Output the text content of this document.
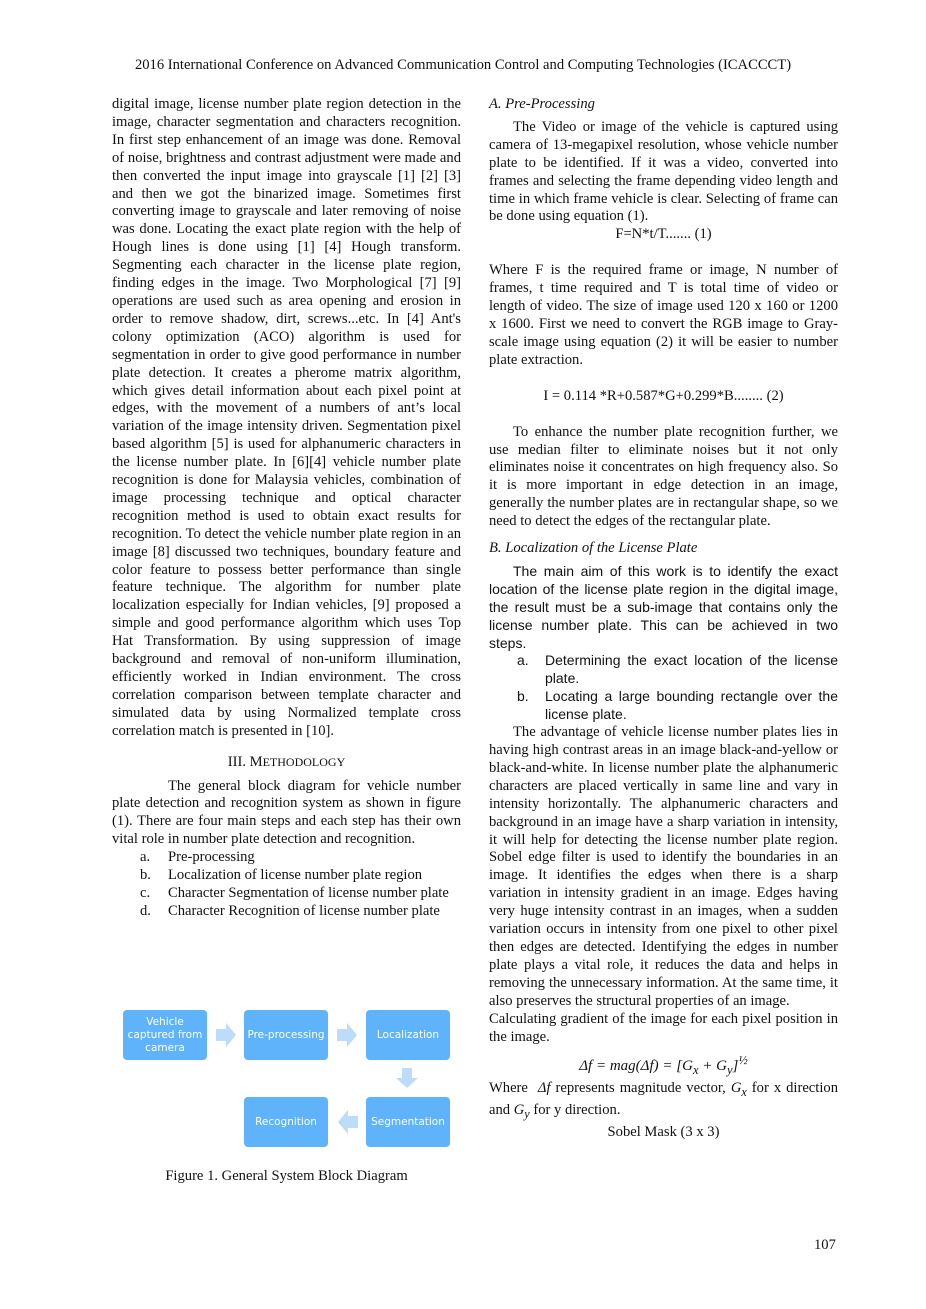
2016 International Conference on Advanced Communication Control and Computing Technologies (ICACCCT)

digital image, license number plate region detection in the image, character segmentation and characters recognition. In first step enhancement of an image was done. Removal of noise, brightness and contrast adjustment were made and then converted the input image into grayscale [1] [2] [3] and then we got the binarized image. Sometimes first converting image to grayscale and later removing of noise was done. Locating the exact plate region with the help of Hough lines is done using [1] [4] Hough transform. Segmenting each character in the license plate region, finding edges in the image. Two Morphological [7] [9] operations are used such as area opening and erosion in order to remove shadow, dirt, screws...etc. In [4] Ant's colony optimization (ACO) algorithm is used for segmentation in order to give good performance in number plate detection. It creates a pherome matrix algorithm, which gives detail information about each pixel point at edges, with the movement of a numbers of ant’s local variation of the image intensity driven. Segmentation pixel based algorithm [5] is used for alphanumeric characters in the license number plate. In [6][4] vehicle number plate recognition is done for Malaysia vehicles, combination of image processing technique and optical character recognition method is used to obtain exact results for recognition. To detect the vehicle number plate region in an image [8] discussed two techniques, boundary feature and color feature to possess better performance than single feature technique. The algorithm for number plate localization especially for Indian vehicles, [9] proposed a simple and good performance algorithm which uses Top Hat Transformation. By using suppression of image background and removal of non-uniform illumination, efficiently worked in Indian environment. The cross correlation comparison between template character and simulated data by using Normalized template cross correlation match is presented in [10].

III. METHODOLOGY

The general block diagram for vehicle number plate detection and recognition system as shown in figure (1). There are four main steps and each step has their own vital role in number plate detection and recognition.

a.	Pre-processing
b.	Localization of license number plate region
c.	Character Segmentation of license number plate
d.	Character Recognition of license number plate
Vehicle captured from camera
Pre-processing	Localization
Segmentation
Recognition
Figure 1. General System Block Diagram

A. Pre-Processing

The Video or image of the vehicle is captured using camera of 13-megapixel resolution, whose vehicle number plate to be identified. If it was a video, converted into frames and selecting the frame depending video length and time in which frame vehicle is clear. Selecting of frame can be done using equation (1).

F=N*t/T....... (1)

Where F is the required frame or image, N number of frames, t time required and T is total time of video or length of video. The size of image used 120 x 160 or 1200 x 1600. First we need to convert the RGB image to Gray-scale image using equation (2) it will be easier to number plate extraction.

I = 0.114 *R+0.587*G+0.299*B........ (2)

To enhance the number plate recognition further, we use median filter to eliminate noises but it not only eliminates noise it concentrates on high frequency also. So it is more important in edge detection in an image, generally the number plates are in rectangular shape, so we need to detect the edges of the rectangular plate.

B. Localization of the License Plate

The main aim of this work is to identify the exact location of the license plate region in the digital image, the result must be a sub-image that contains only the license number plate. This can be achieved in two steps.

a.	Determining the exact location of the license plate.
b.	Locating a large bounding rectangle over the license plate.

The advantage of vehicle license number plates lies in having high contrast areas in an image black-and-yellow or black-and-white. In license number plate the alphanumeric characters are placed vertically in same line and vary in intensity horizontally. The alphanumeric characters and background in an image have a sharp variation in intensity, it will help for detecting the license number plate region. Sobel edge filter is used to identify the boundaries in an image. It identifies the edges when there is a sharp variation in intensity gradient in an image. Edges having very huge intensity contrast in an images, when a sudden variation occurs in intensity from one pixel to other pixel then edges are detected. Identifying the edges in number plate plays a vital role, it reduces the data and helps in removing the unnecessary information. At the same time, it also preserves the structural properties of an image.

Calculating gradient of the image for each pixel position in the image.

$\Delta f = mag(\Delta f) = [G_x + G_y]^{\frac{1}{2}}$

Where  Δf represents magnitude vector, $G_x$ for x direction and $G_y$ for y direction.

Sobel Mask (3 x 3)

107
